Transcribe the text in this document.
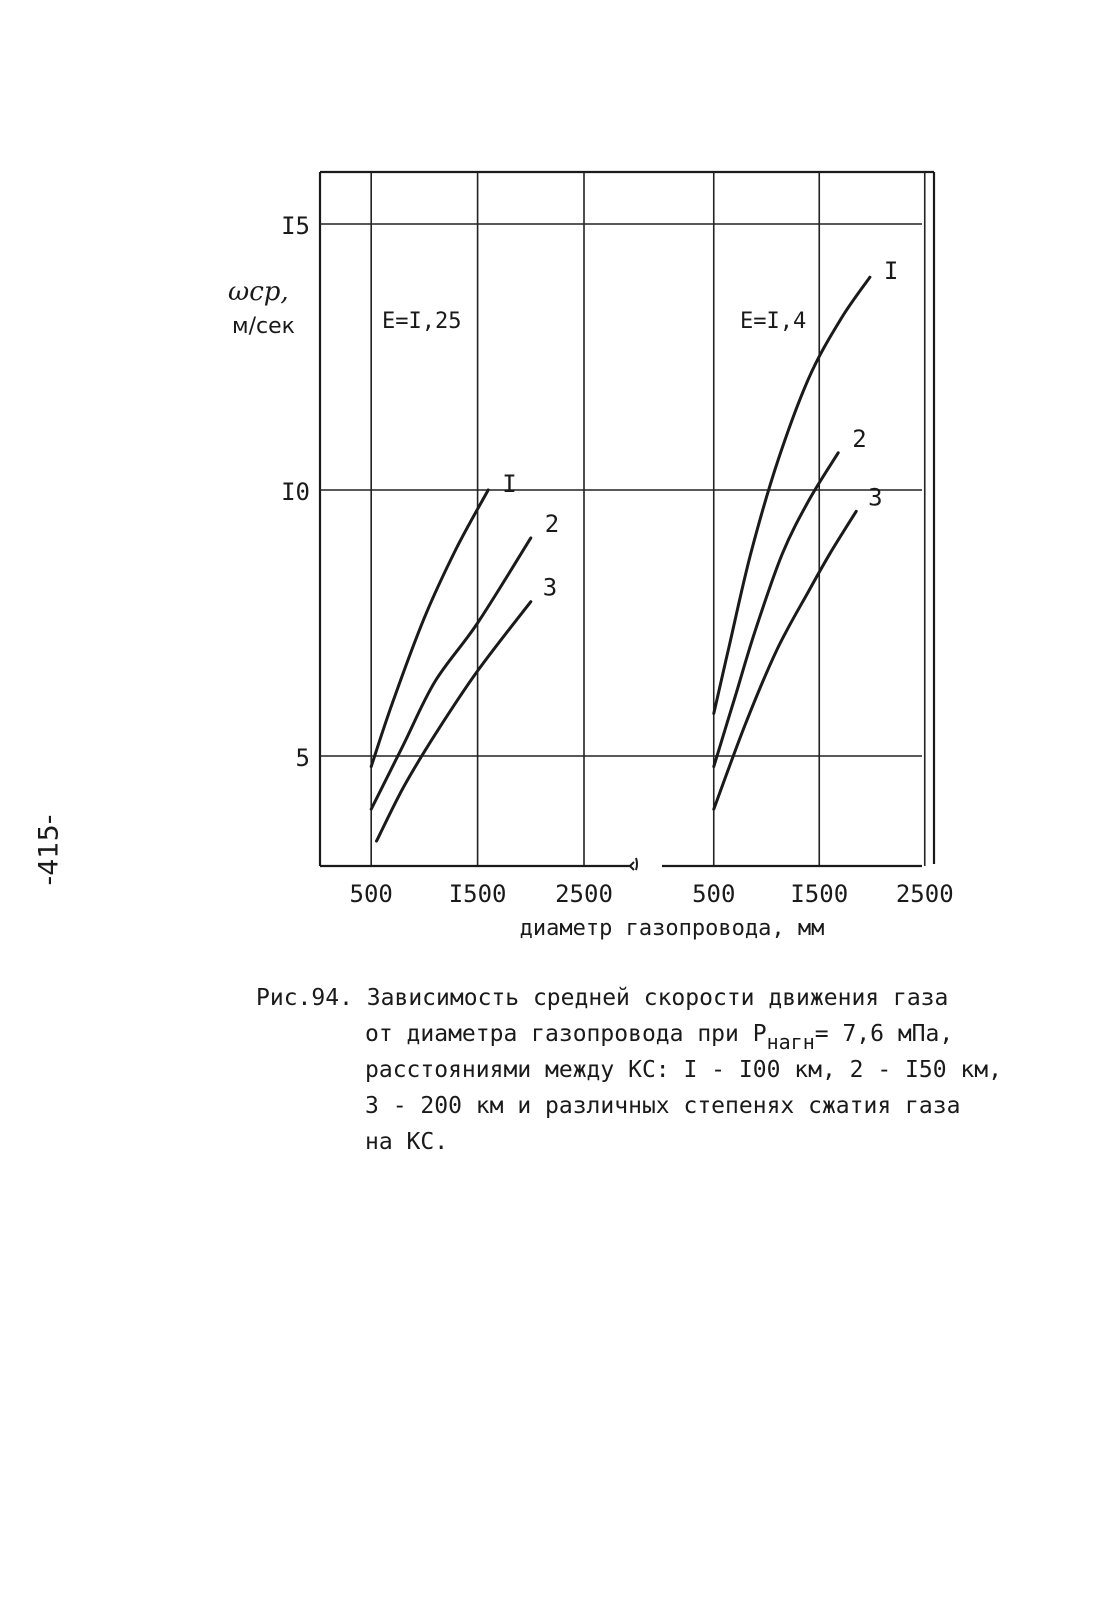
-415-
5
I0
I5
500 I500 2500	500 I500 2500
ωср,
м/сек
диаметр газопровода, мм
E=I,25	E=I,4
I
2
3
I
2
3
Рис.94. Зависимость средней скорости движения газа
от диаметра газопровода при $P_{нагн}= 7,6$ мПа,
расстояниями между КС: I - I00 км, 2 - I50 км,
3 - 200 км и различных степенях сжатия газа
на КС.
